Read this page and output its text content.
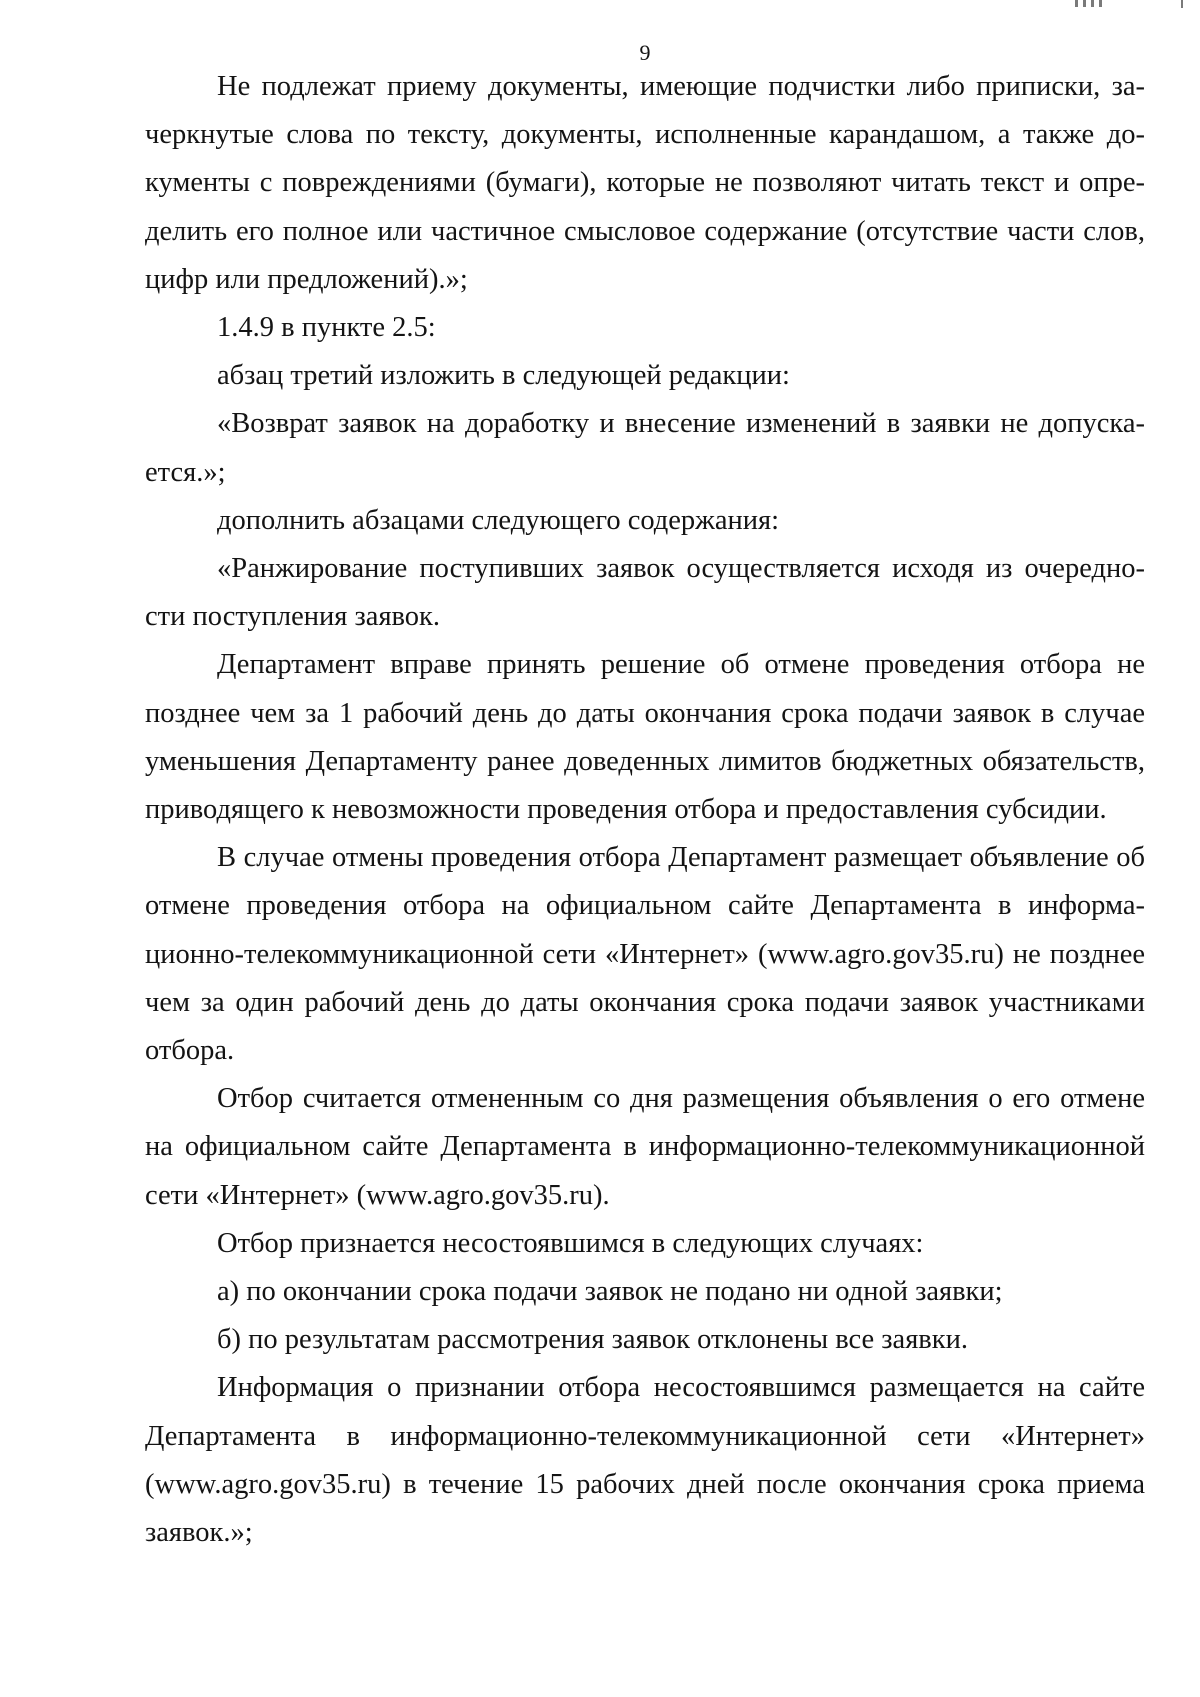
9

Не подлежат приему документы, имеющие подчистки либо приписки, зачеркнутые слова по тексту, документы, исполненные карандашом, а также документы с повреждениями (бумаги), которые не позволяют читать текст и определить его полное или частичное смысловое содержание (отсутствие части слов, цифр или предложений).»;

1.4.9 в пункте 2.5:

абзац третий изложить в следующей редакции:

«Возврат заявок на доработку и внесение изменений в заявки не допускается.»;

дополнить абзацами следующего содержания:

«Ранжирование поступивших заявок осуществляется исходя из очередности поступления заявок.

Департамент вправе принять решение об отмене проведения отбора не позднее чем за 1 рабочий день до даты окончания срока подачи заявок в случае уменьшения Департаменту ранее доведенных лимитов бюджетных обязательств, приводящего к невозможности проведения отбора и предоставления субсидии.

В случае отмены проведения отбора Департамент размещает объявление об отмене проведения отбора на официальном сайте Департамента в информационно-телекоммуникационной сети «Интернет» (www.agro.gov35.ru) не позднее чем за один рабочий день до даты окончания срока подачи заявок участниками отбора.

Отбор считается отмененным со дня размещения объявления о его отмене на официальном сайте Департамента в информационно-телекоммуникационной сети «Интернет» (www.agro.gov35.ru).

Отбор признается несостоявшимся в следующих случаях:

а) по окончании срока подачи заявок не подано ни одной заявки;

б) по результатам рассмотрения заявок отклонены все заявки.

Информация о признании отбора несостоявшимся размещается на сайте Департамента в информационно-телекоммуникационной сети «Интернет» (www.agro.gov35.ru) в течение 15 рабочих дней после окончания срока приема заявок.»;
